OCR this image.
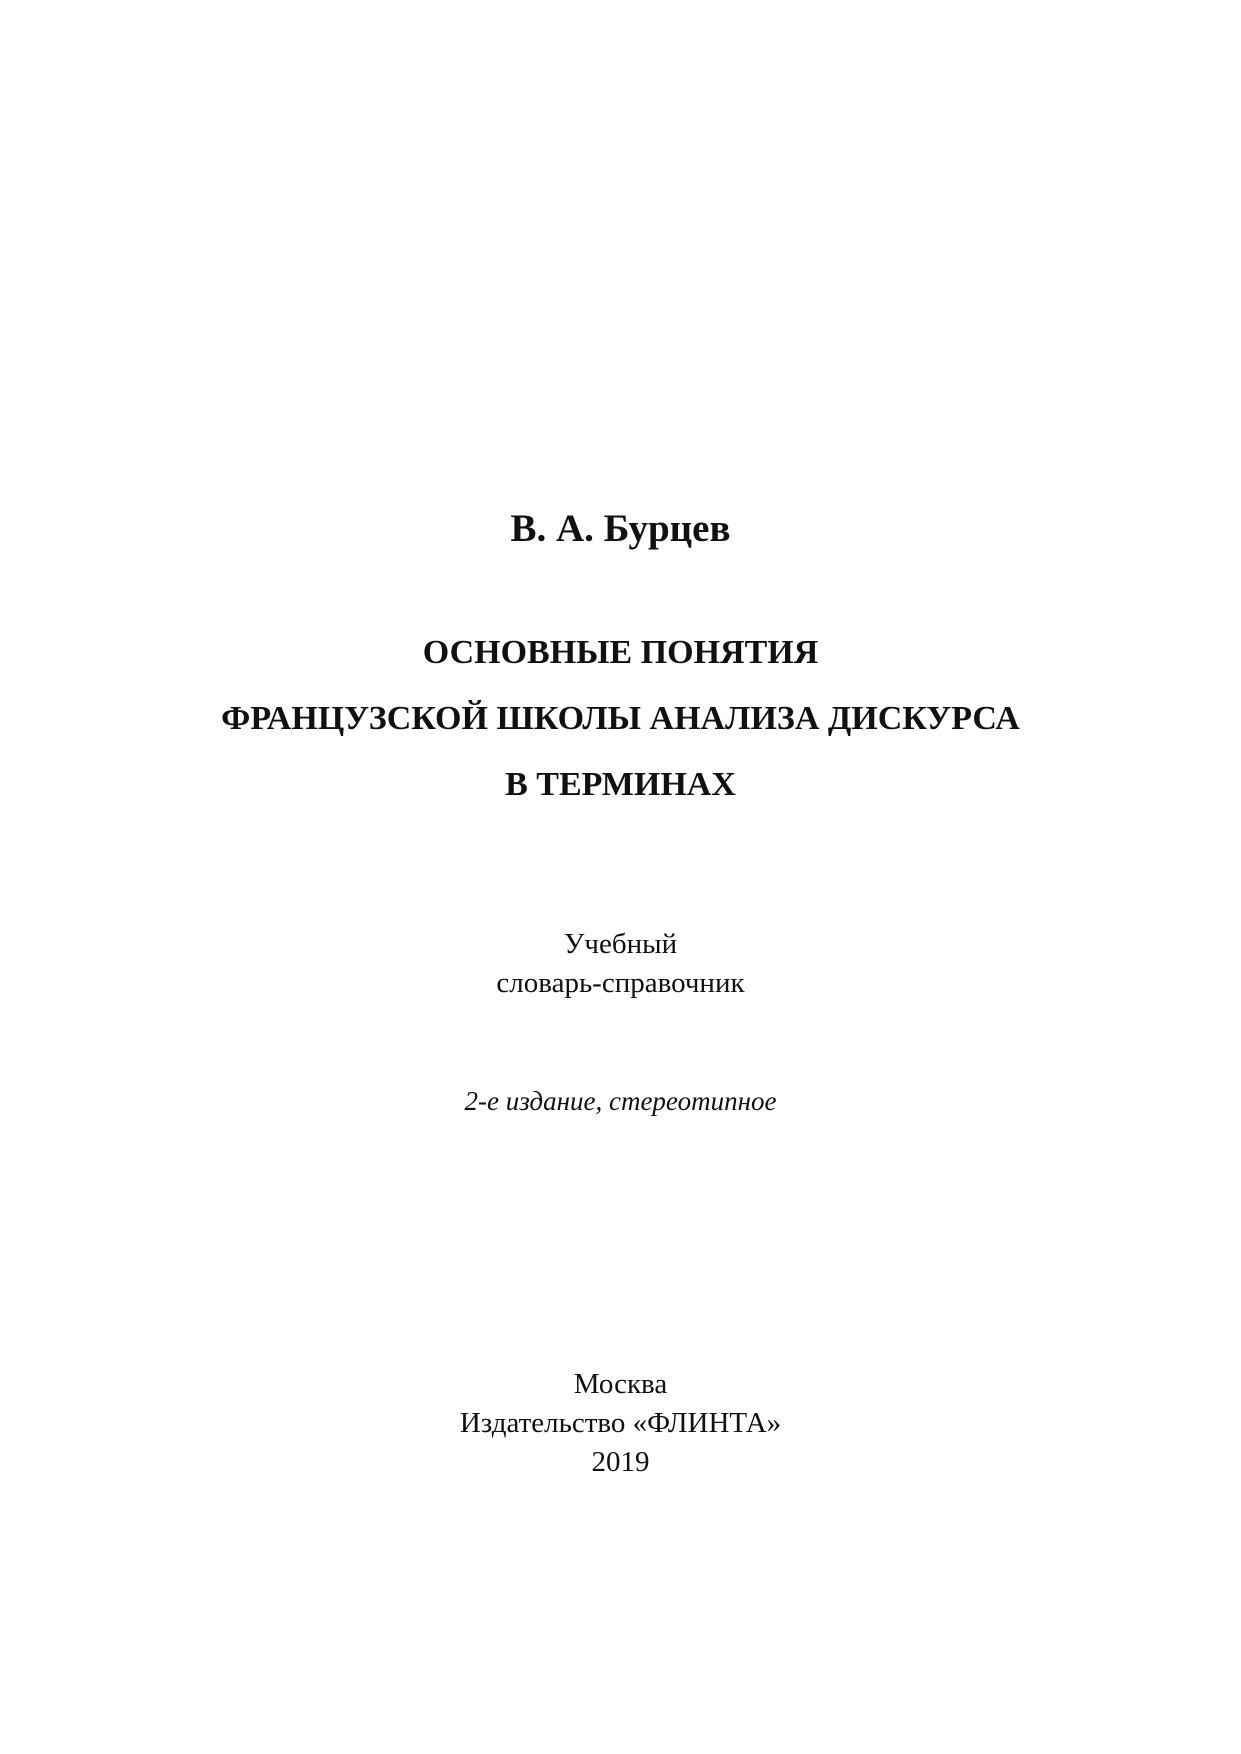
В. А. Бурцев
ОСНОВНЫЕ ПОНЯТИЯ
ФРАНЦУЗСКОЙ ШКОЛЫ АНАЛИЗА ДИСКУРСА
В ТЕРМИНАХ
Учебный
словарь-справочник
2-е издание, стереотипное
Москва
Издательство «ФЛИНТА»
2019
